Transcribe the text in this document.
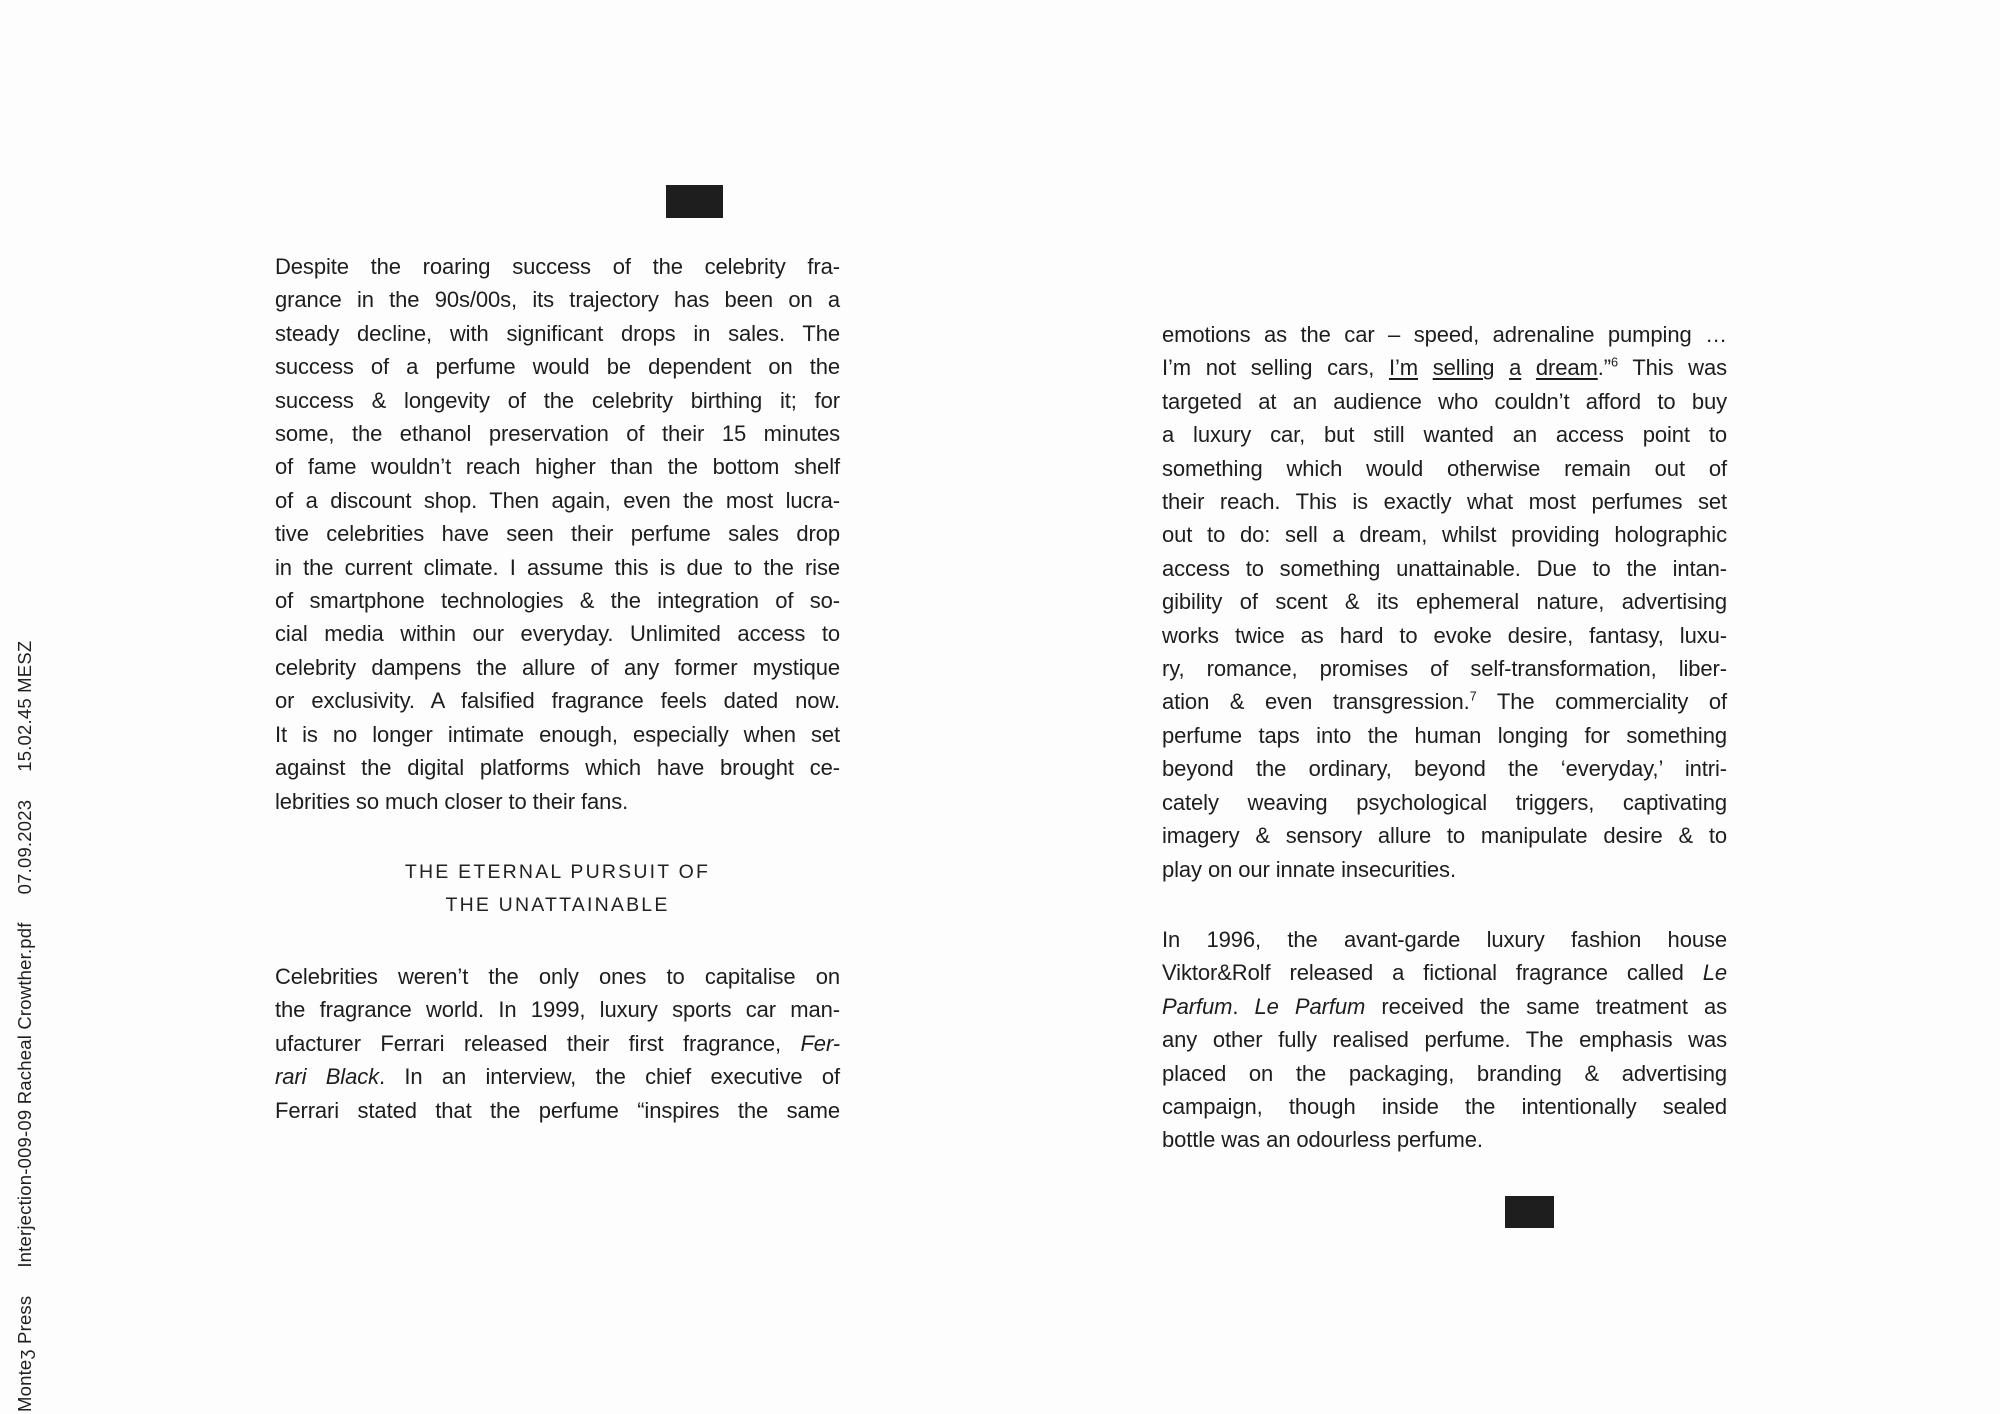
Monteʒ Press
Interjection-009-09 Racheal Crowther.pdf
07.09.2023
15.02.45 MESZ
Despite the roaring success of the celebrity fra-
grance in the 90s/00s, its trajectory has been on a
steady decline, with significant drops in sales. The
success of a perfume would be dependent on the
success & longevity of the celebrity birthing it; for
some, the ethanol preservation of their 15 minutes
of fame wouldn’t reach higher than the bottom shelf
of a discount shop. Then again, even the most lucra-
tive celebrities have seen their perfume sales drop
in the current climate. I assume this is due to the rise
of smartphone technologies & the integration of so-
cial media within our everyday. Unlimited access to
celebrity dampens the allure of any former mystique
or exclusivity. A falsified fragrance feels dated now.
It is no longer intimate enough, especially when set
against the digital platforms which have brought ce-
lebrities so much closer to their fans.
THE ETERNAL PURSUIT OF
THE UNATTAINABLE
Celebrities weren’t the only ones to capitalise on
the fragrance world. In 1999, luxury sports car man-
ufacturer Ferrari released their first fragrance, Fer-
rari Black. In an interview, the chief executive of
Ferrari stated that the perfume “inspires the same
emotions as the car – speed, adrenaline pumping …
I’m not selling cars, I’m selling a dream.”$^6$ This was
targeted at an audience who couldn’t afford to buy
a luxury car, but still wanted an access point to
something which would otherwise remain out of
their reach. This is exactly what most perfumes set
out to do: sell a dream, whilst providing holographic
access to something unattainable. Due to the intan-
gibility of scent & its ephemeral nature, advertising
works twice as hard to evoke desire, fantasy, luxu-
ry, romance, promises of self-transformation, liber-
ation & even transgression.$^7$ The commerciality of
perfume taps into the human longing for something
beyond the ordinary, beyond the ‘everyday,’ intri-
cately weaving psychological triggers, captivating
imagery & sensory allure to manipulate desire & to
play on our innate insecurities.
In 1996, the avant-garde luxury fashion house
Viktor&Rolf released a fictional fragrance called Le
Parfum. Le Parfum received the same treatment as
any other fully realised perfume. The emphasis was
placed on the packaging, branding & advertising
campaign, though inside the intentionally sealed
bottle was an odourless perfume.
